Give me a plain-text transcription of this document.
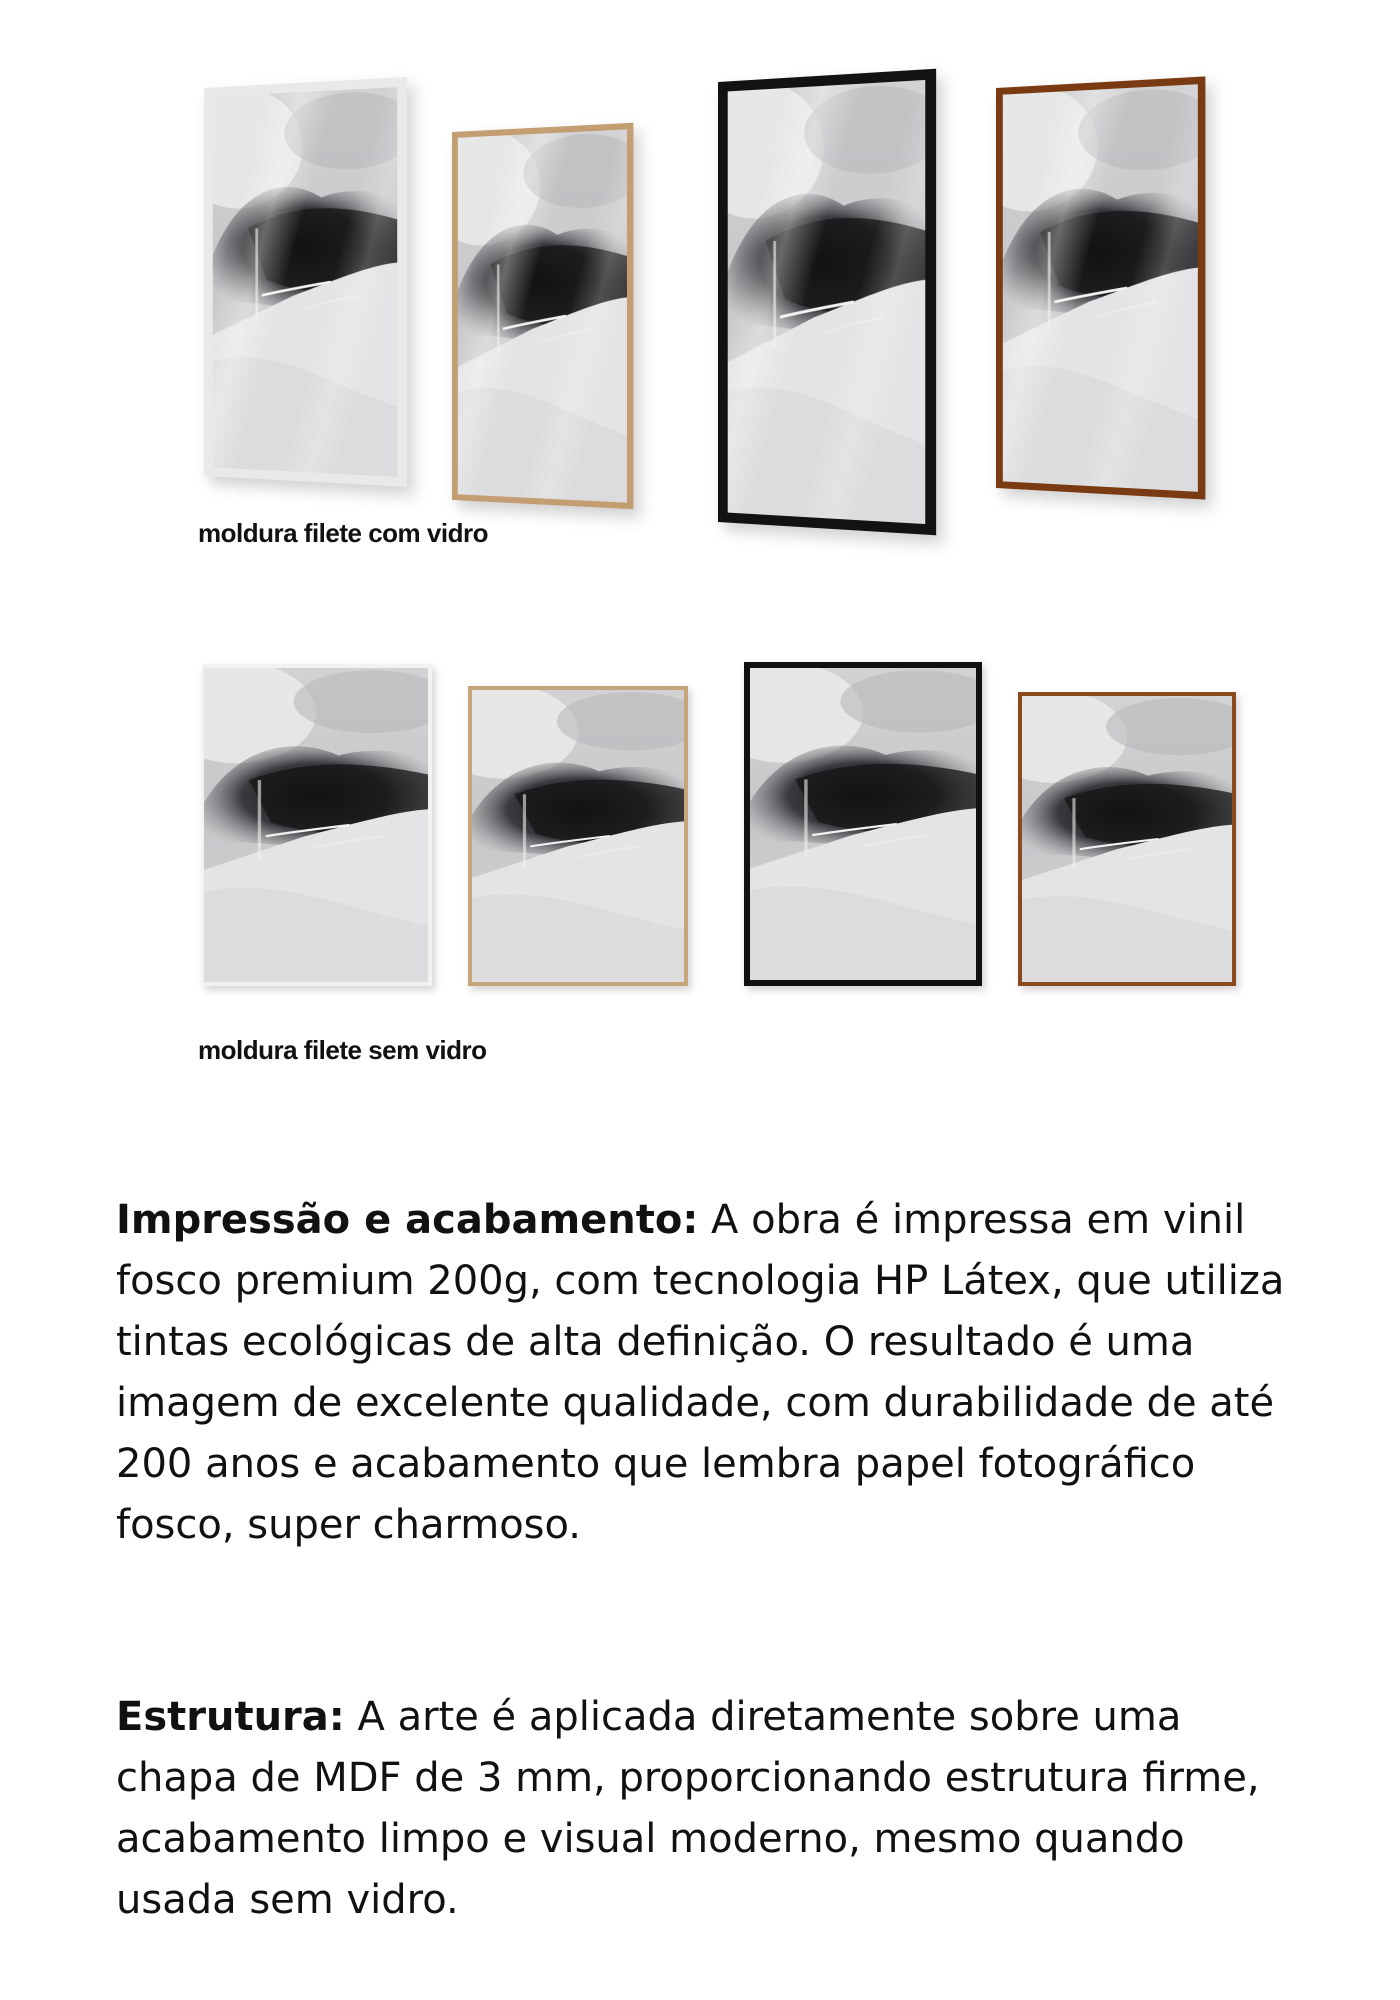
moldura filete com vidro
moldura filete sem vidro

Impressão e acabamento: A obra é impressa em vinil fosco premium 200g, com tecnologia HP Látex, que utiliza tintas ecológicas de alta definição. O resultado é uma imagem de excelente qualidade, com durabilidade de até 200 anos e acabamento que lembra papel fotográfico fosco, super charmoso.

Estrutura: A arte é aplicada diretamente sobre uma chapa de MDF de 3 mm, proporcionando estrutura firme, acabamento limpo e visual moderno, mesmo quando usada sem vidro.
